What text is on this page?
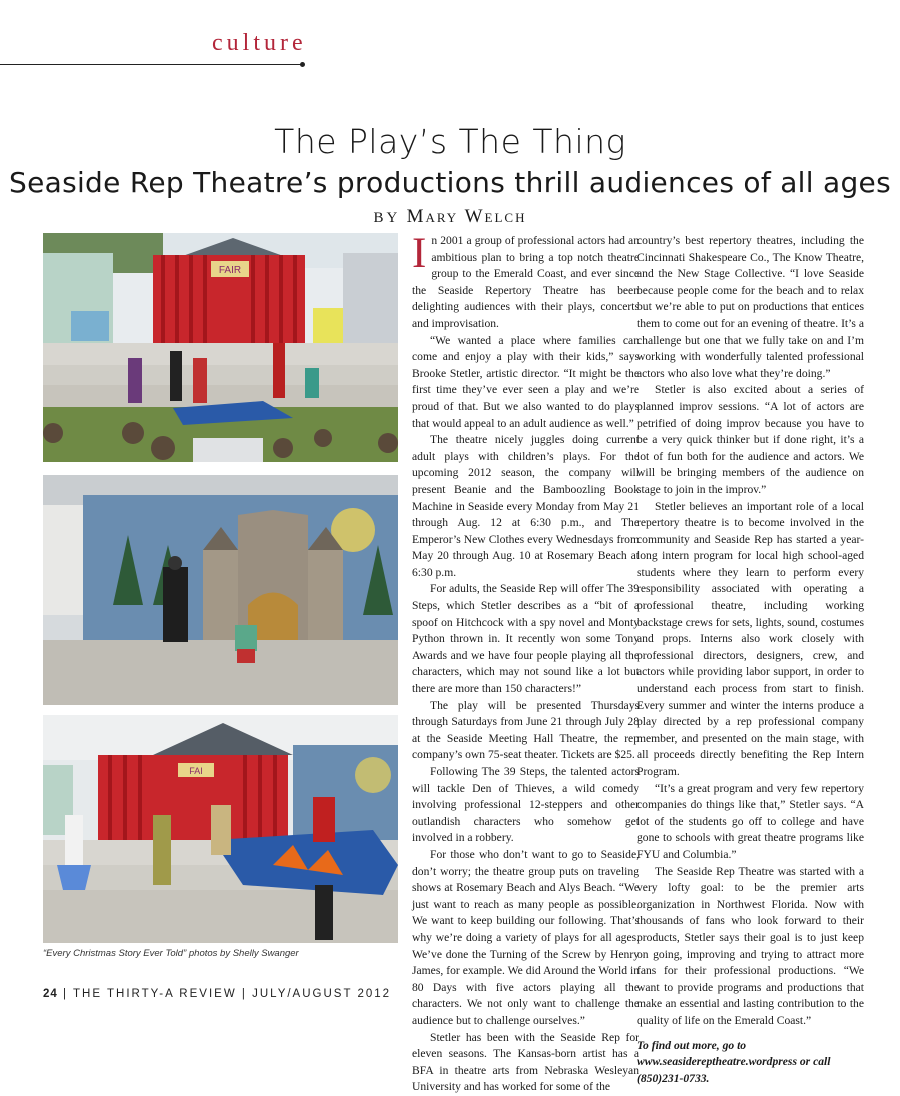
culture
The Play’s The Thing
Seaside Rep Theatre’s productions thrill audiences of all ages
BY Mary Welch
FAIR
FAI
“Every Christmas Story Ever Told” photos by Shelly Swanger

In 2001 a group of professional actors had an ambitious plan to bring a top notch theatre group to the Emerald Coast, and ever since the Seaside Repertory Theatre has been delighting audiences with their plays, concerts and improvisation.

“We wanted a place where families can come and enjoy a play with their kids,” says Brooke Stetler, artistic director. “It might be the first time they’ve ever seen a play and we’re proud of that. But we also wanted to do plays that would appeal to an adult audience as well.”

The theatre nicely juggles doing current adult plays with children’s plays. For the upcoming 2012 season, the company will present Beanie and the Bamboozling Book Machine in Seaside every Monday from May 21 through Aug. 12 at 6:30 p.m., and The Emperor’s New Clothes every Wednesdays from May 20 through Aug. 10 at Rosemary Beach at 6:30 p.m.

For adults, the Seaside Rep will offer The 39 Steps, which Stetler describes as a “bit of a spoof on Hitchcock with a spy novel and Monty Python thrown in. It recently won some Tony Awards and we have four people playing all the characters, which may not sound like a lot but there are more than 150 characters!”

The play will be presented Thursdays through Saturdays from June 21 through July 28 at the Seaside Meeting Hall Theatre, the rep company’s own 75-seat theater. Tickets are $25.

Following The 39 Steps, the talented actors will tackle Den of Thieves, a wild comedy involving professional 12-steppers and other outlandish characters who somehow get involved in a robbery.

For those who don’t want to go to Seaside, don’t worry; the theatre group puts on traveling shows at Rosemary Beach and Alys Beach. “We just want to reach as many people as possible. We want to keep building our following. That’s why we’re doing a variety of plays for all ages. We’ve done the Turning of the Screw by Henry James, for example. We did Around the World in 80 Days with five actors playing all the characters. We not only want to challenge the audience but to challenge ourselves.”

Stetler has been with the Seaside Rep for eleven seasons. The Kansas-born artist has a BFA in theatre arts from Nebraska Wesleyan University and has worked for some of the

country’s best repertory theatres, including the Cincinnati Shakespeare Co., The Know Theatre, and the New Stage Collective. “I love Seaside because people come for the beach and to relax but we’re able to put on productions that entices them to come out for an evening of theatre. It’s a challenge but one that we fully take on and I’m working with wonderfully talented professional actors who also love what they’re doing.”

Stetler is also excited about a series of planned improv sessions. “A lot of actors are petrified of doing improv because you have to be a very quick thinker but if done right, it’s a lot of fun both for the audience and actors. We will be bringing members of the audience on stage to join in the improv.”

Stetler believes an important role of a local repertory theatre is to become involved in the community and Seaside Rep has started a year-long intern program for local high school-aged students where they learn to perform every responsibility associated with operating a professional theatre, including working backstage crews for sets, lights, sound, costumes and props. Interns also work closely with professional directors, designers, crew, and actors while providing labor support, in order to understand each process from start to finish. Every summer and winter the interns produce a play directed by a rep professional company member, and presented on the main stage, with all proceeds directly benefiting the Rep Intern Program.

“It’s a great program and very few repertory companies do things like that,” Stetler says. “A lot of the students go off to college and have gone to schools with great theatre programs like FYU and Columbia.”

The Seaside Rep Theatre was started with a very lofty goal: to be the premier arts organization in Northwest Florida. Now with thousands of fans who look forward to their products, Stetler says their goal is to just keep on going, improving and trying to attract more fans for their professional productions. “We want to provide programs and productions that make an essential and lasting contribution to the quality of life on the Emerald Coast.”

To find out more, go to www.seasidereptheatre.wordpress or call (850)231-0733.

24 | THE THIRTY-A REVIEW | JULY/AUGUST 2012
